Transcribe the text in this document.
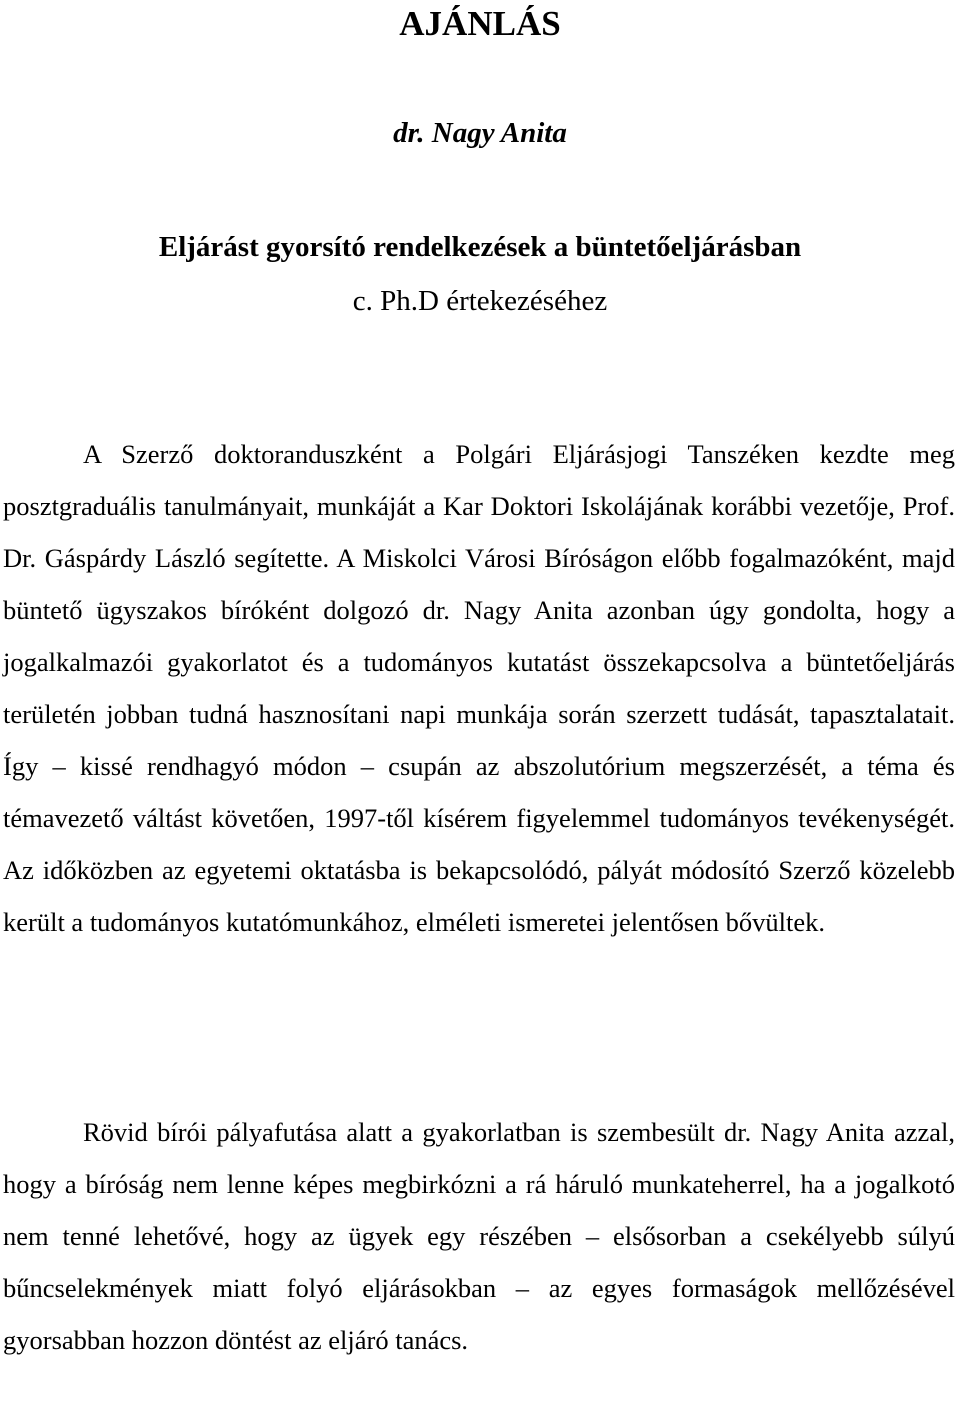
AJÁNLÁS

dr. Nagy Anita

Eljárást gyorsító rendelkezések a büntetőeljárásban

c. Ph.D értekezéséhez

A Szerző doktoranduszként a Polgári Eljárásjogi Tanszéken kezdte meg posztgraduális tanulmányait, munkáját a Kar Doktori Iskolájának korábbi vezetője, Prof. Dr. Gáspárdy László segítette. A Miskolci Városi Bíróságon előbb fogalmazóként, majd büntető ügyszakos bíróként dolgozó dr. Nagy Anita azonban úgy gondolta, hogy a jogalkalmazói gyakorlatot és a tudományos kutatást összekapcsolva a büntetőeljárás területén jobban tudná hasznosítani napi munkája során szerzett tudását, tapasztalatait. Így – kissé rendhagyó módon – csupán az abszolutórium megszerzését, a téma és témavezető váltást követően, 1997-től kísérem figyelemmel tudományos tevékenységét. Az időközben az egyetemi oktatásba is bekapcsolódó, pályát módosító Szerző közelebb került a tudományos kutatómunkához, elméleti ismeretei jelentősen bővültek.

Rövid bírói pályafutása alatt a gyakorlatban is szembesült dr. Nagy Anita azzal, hogy a bíróság nem lenne képes megbirkózni a rá háruló munkateherrel, ha a jogalkotó nem tenné lehetővé, hogy az ügyek egy részében – elsősorban a csekélyebb súlyú bűncselekmények miatt folyó eljárásokban – az egyes formaságok mellőzésével gyorsabban hozzon döntést az eljáró tanács.
